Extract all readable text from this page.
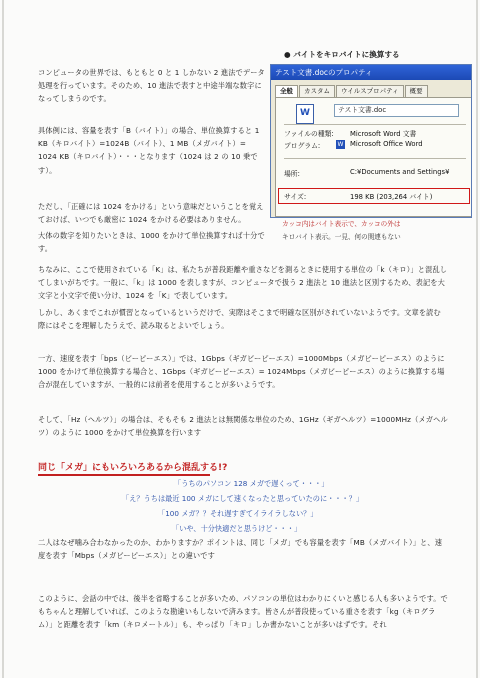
● バイトをキロバイトに換算する
テスト文書.docのプロパティ
全般	カスタム	ウイルスプロパティ	概要
W
テスト文書.doc
ファイルの種類: Microsoft Word 文書
プログラム:	W Microsoft Office Word
場所:	C:¥Documents and Settings¥
サイズ:	198 KB (203,264 バイト)
カッコ内はバイト表示で、カッコの外は
キロバイト表示。一見、何の関連もない
コンピュータの世界では、もともと 0 と 1 しかない 2 進法でデータ処理を行っています。そのため、10 進法で表すと中途半端な数字になってしまうのです。
具体例には、容量を表す「B（バイト）」の場合、単位換算すると 1 KB（キロバイト）=1024B（バイト）、1 MB（メガバイト）= 1024 KB（キロバイト）・・・となります（1024 は 2 の 10 乗です）。
ただし、「正確には 1024 をかける」という意味だということを覚えておけば、いつでも厳密に 1024 をかける必要はありません。
大体の数字を知りたいときは、1000 をかけて単位換算すれば十分です。
ちなみに、ここで使用されている「K」は、私たちが普段距離や重さなどを測るときに使用する単位の「k（キロ）」と混乱してしまいがちです。一般に、「k」は 1000 を表しますが、コンピュータで扱う 2 進法と 10 進法と区別するため、表記を大文字と小文字で使い分け、1024 を「K」で表しています。
しかし、あくまでこれが慣習となっているというだけで、実際はそこまで明確な区別がされていないようです。文章を読む際にはそこを理解したうえで、読み取るとよいでしょう。
一方、速度を表す「bps（ビーピーエス）」では、1Gbps（ギガビーピーエス）=1000Mbps（メガビーピーエス）のように 1000 をかけて単位換算する場合と、1Gbps（ギガビーピーエス）= 1024Mbps（メガビーピーエス）のように換算する場合が混在していますが、一般的には前者を使用することが多いようです。
そして、「Hz（ヘルツ）」の場合は、そもそも 2 進法とは無関係な単位のため、1GHz（ギガヘルツ）=1000MHz（メガヘルツ）のように 1000 をかけて単位換算を行います
同じ「メガ」にもいろいろあるから混乱する!?
「うちのパソコン 128 メガで遅くって・・・」
「え？うちは最近 100 メガにして速くなったと思っていたのに・・・？」
「100 メガ？？それ遅すぎてイライラしない？」
「いや、十分快適だと思うけど・・・」
二人はなぜ噛み合わなかったのか、わかりますか？ポイントは、同じ「メガ」でも容量を表す「MB（メガバイト）」と、速度を表す「Mbps（メガビーピーエス）」との違いです
このように、会話の中では、後半を省略することが多いため、パソコンの単位はわかりにくいと感じる人も多いようです。でもちゃんと理解していれば、このような勘違いもしないで済みます。皆さんが普段使っている重さを表す「kg（キログラム）」と距離を表す「km（キロメートル）」も、やっぱり「キロ」しか書かないことが多いはずです。それ
